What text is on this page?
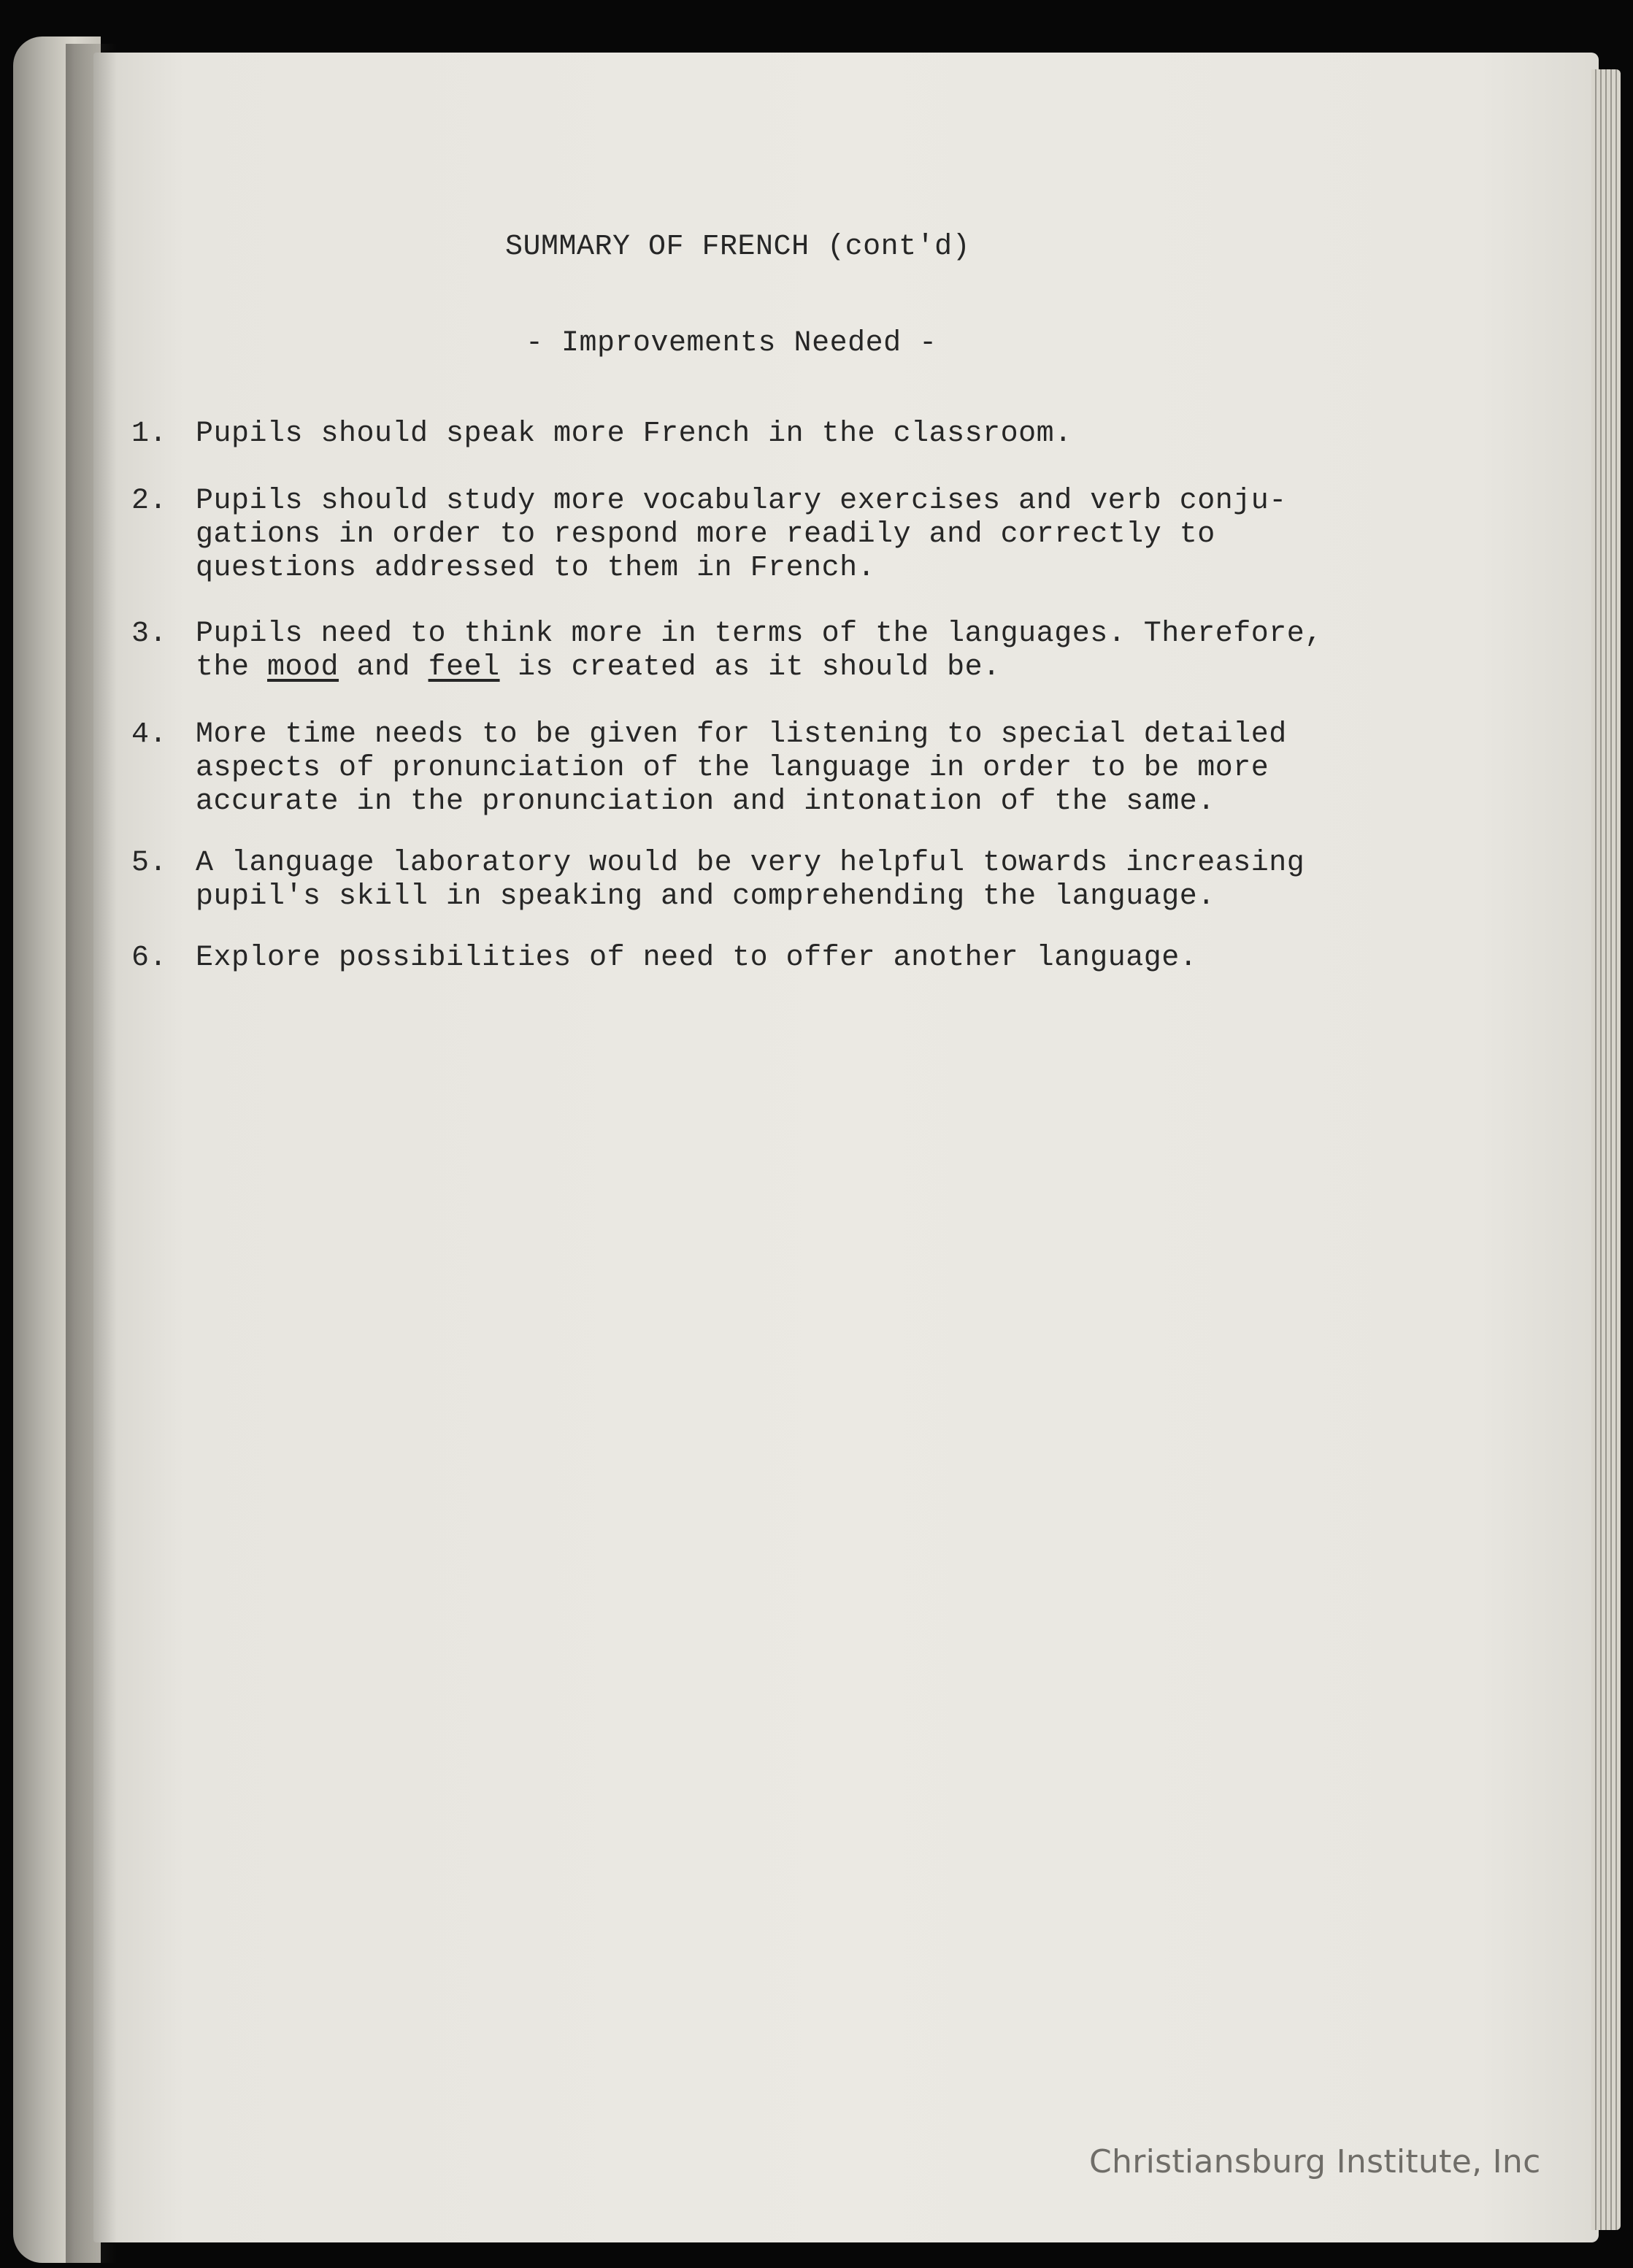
SUMMARY OF FRENCH (cont'd)
- Improvements Needed -
1. Pupils should speak more French in the classroom.
2. Pupils should study more vocabulary exercises and verb conju-
gations in order to respond more readily and correctly to
questions addressed to them in French.
3. Pupils need to think more in terms of the languages. Therefore,
the mood and feel is created as it should be.
4. More time needs to be given for listening to special detailed
aspects of pronunciation of the language in order to be more
accurate in the pronunciation and intonation of the same.
5. A language laboratory would be very helpful towards increasing
pupil's skill in speaking and comprehending the language.
6. Explore possibilities of need to offer another language.
Christiansburg Institute, Inc
